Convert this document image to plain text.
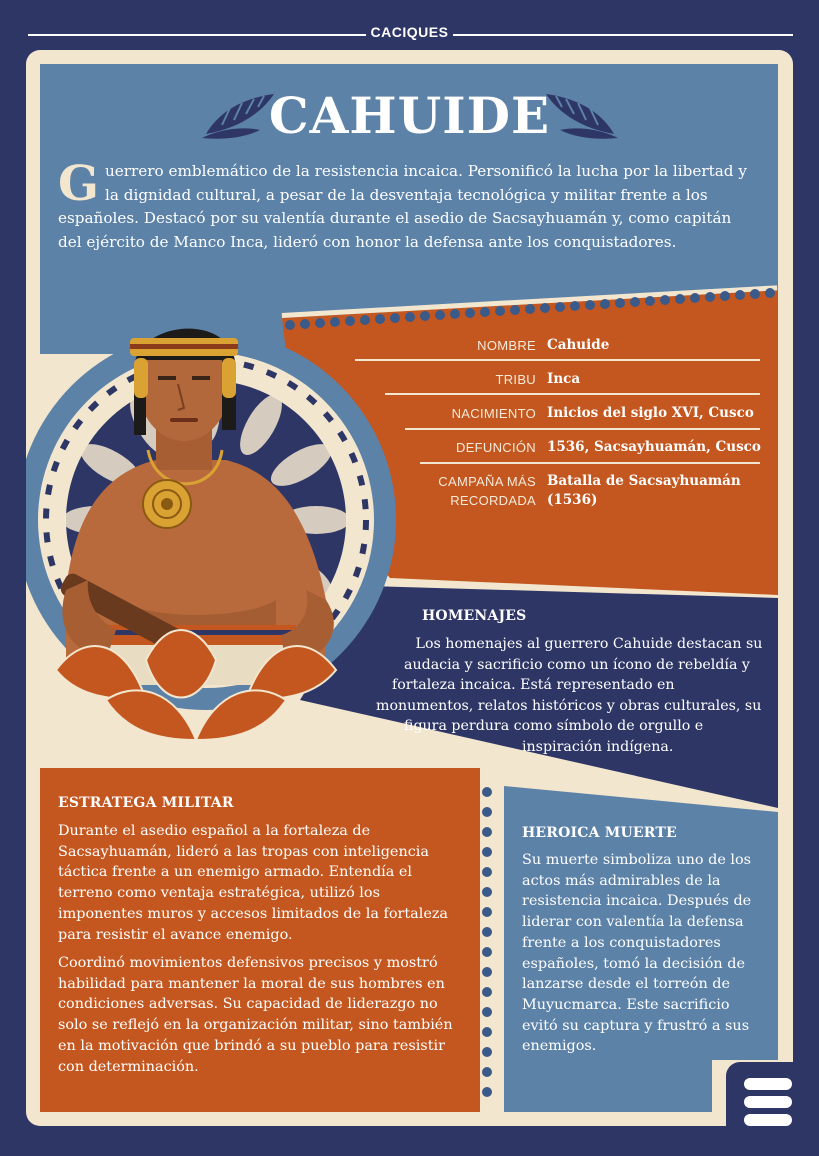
CACIQUES
CAHUIDE
G uerrero emblemático de la resistencia incaica. Personificó la lucha por la libertad y la dignidad cultural, a pesar de la desventaja tecnológica y militar frente a los españoles. Destacó por su valentía durante el asedio de Sacsayhuamán y, como capitán del ejército de Manco Inca, lideró con honor la defensa ante los conquistadores.
NOMBRE Cahuide
TRIBU Inca
NACIMIENTO Inicios del siglo XVI, Cusco
DEFUNCIÓN 1536, Sacsayhuamán, Cusco
CAMPAÑA MÁS
RECORDADA
Batalla de Sacsayhuamán
(1536)
HOMENAJES
Los homenajes al guerrero Cahuide destacan su
audacia y sacrificio como un ícono de rebeldía y
fortaleza incaica. Está representado en
monumentos, relatos históricos y obras culturales, su
figura perdura como símbolo de orgullo e
inspiración indígena.
ESTRATEGA MILITAR
Durante el asedio español a la fortaleza de Sacsayhuamán, lideró a las tropas con inteligencia táctica frente a un enemigo armado. Entendía el terreno como ventaja estratégica, utilizó los imponentes muros y accesos limitados de la fortaleza para resistir el avance enemigo.
Coordinó movimientos defensivos precisos y mostró habilidad para mantener la moral de sus hombres en condiciones adversas. Su capacidad de liderazgo no solo se reflejó en la organización militar, sino también en la motivación que brindó a su pueblo para resistir con determinación.
HEROICA MUERTE
Su muerte simboliza uno de los actos más admirables de la resistencia incaica. Después de liderar con valentía la defensa frente a los conquistadores españoles, tomó la decisión de lanzarse desde el torreón de Muyucmarca. Este sacrificio evitó su captura y frustró a sus enemigos.
